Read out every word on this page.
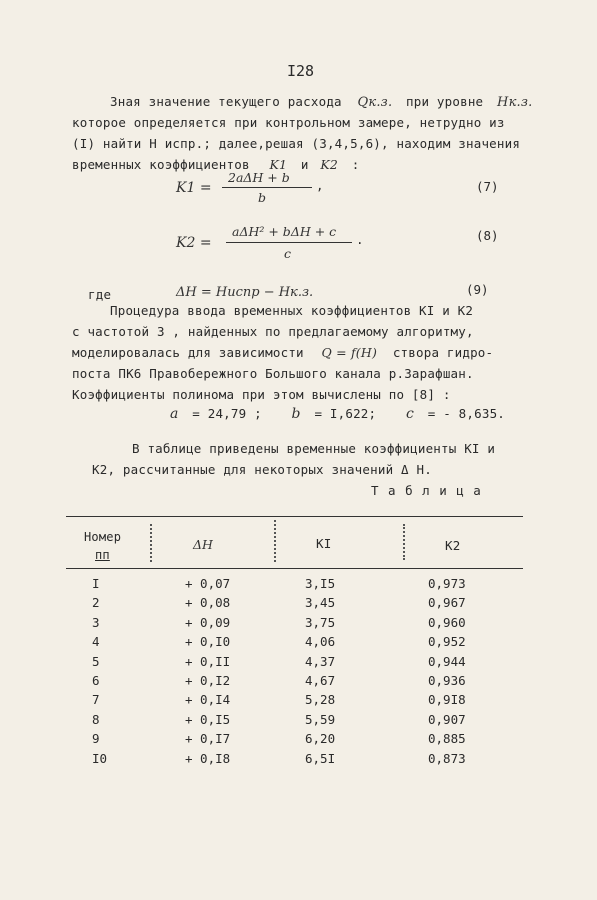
I28
Зная значение текущего расхода Qк.з. при уровне Hк.з.
которое определяется при контрольном замере, нетрудно из
(I) найти H испр.; далее,решая (3,4,5,6), находим значения
временных коэффициентов K1 и K2 :
K1 =
2aΔH + b
b
,	(7)
K2 =
aΔH² + bΔH + c
c
.	(8)
где	ΔH = Hиспр − Hк.з.	(9)
Процедура ввода временных коэффициентов KI и K2
с частотой 3 , найденных по предлагаемому алгоритму,
моделировалась для зависимости Q = f(H) створа гидро-
поста ПК6 Правобережного Большого канала р.Зарафшан.
Коэффициенты полинома при этом вычислены по [8] :
a = 24,79 ; b = I,622; c = - 8,635.
В таблице приведены временные коэффициенты KI и
K2, рассчитанные для некоторых значений Δ H.
Т а б л и ц а
Номер
пп
ΔH	KI	K2
I	+ 0,07	3,I5	0,973
2	+ 0,08	3,45	0,967
3	+ 0,09	3,75	0,960
4	+ 0,I0	4,06	0,952
5	+ 0,II	4,37	0,944
6	+ 0,I2	4,67	0,936
7	+ 0,I4	5,28	0,9I8
8	+ 0,I5	5,59	0,907
9	+ 0,I7	6,20	0,885
I0	+ 0,I8	6,5I	0,873
